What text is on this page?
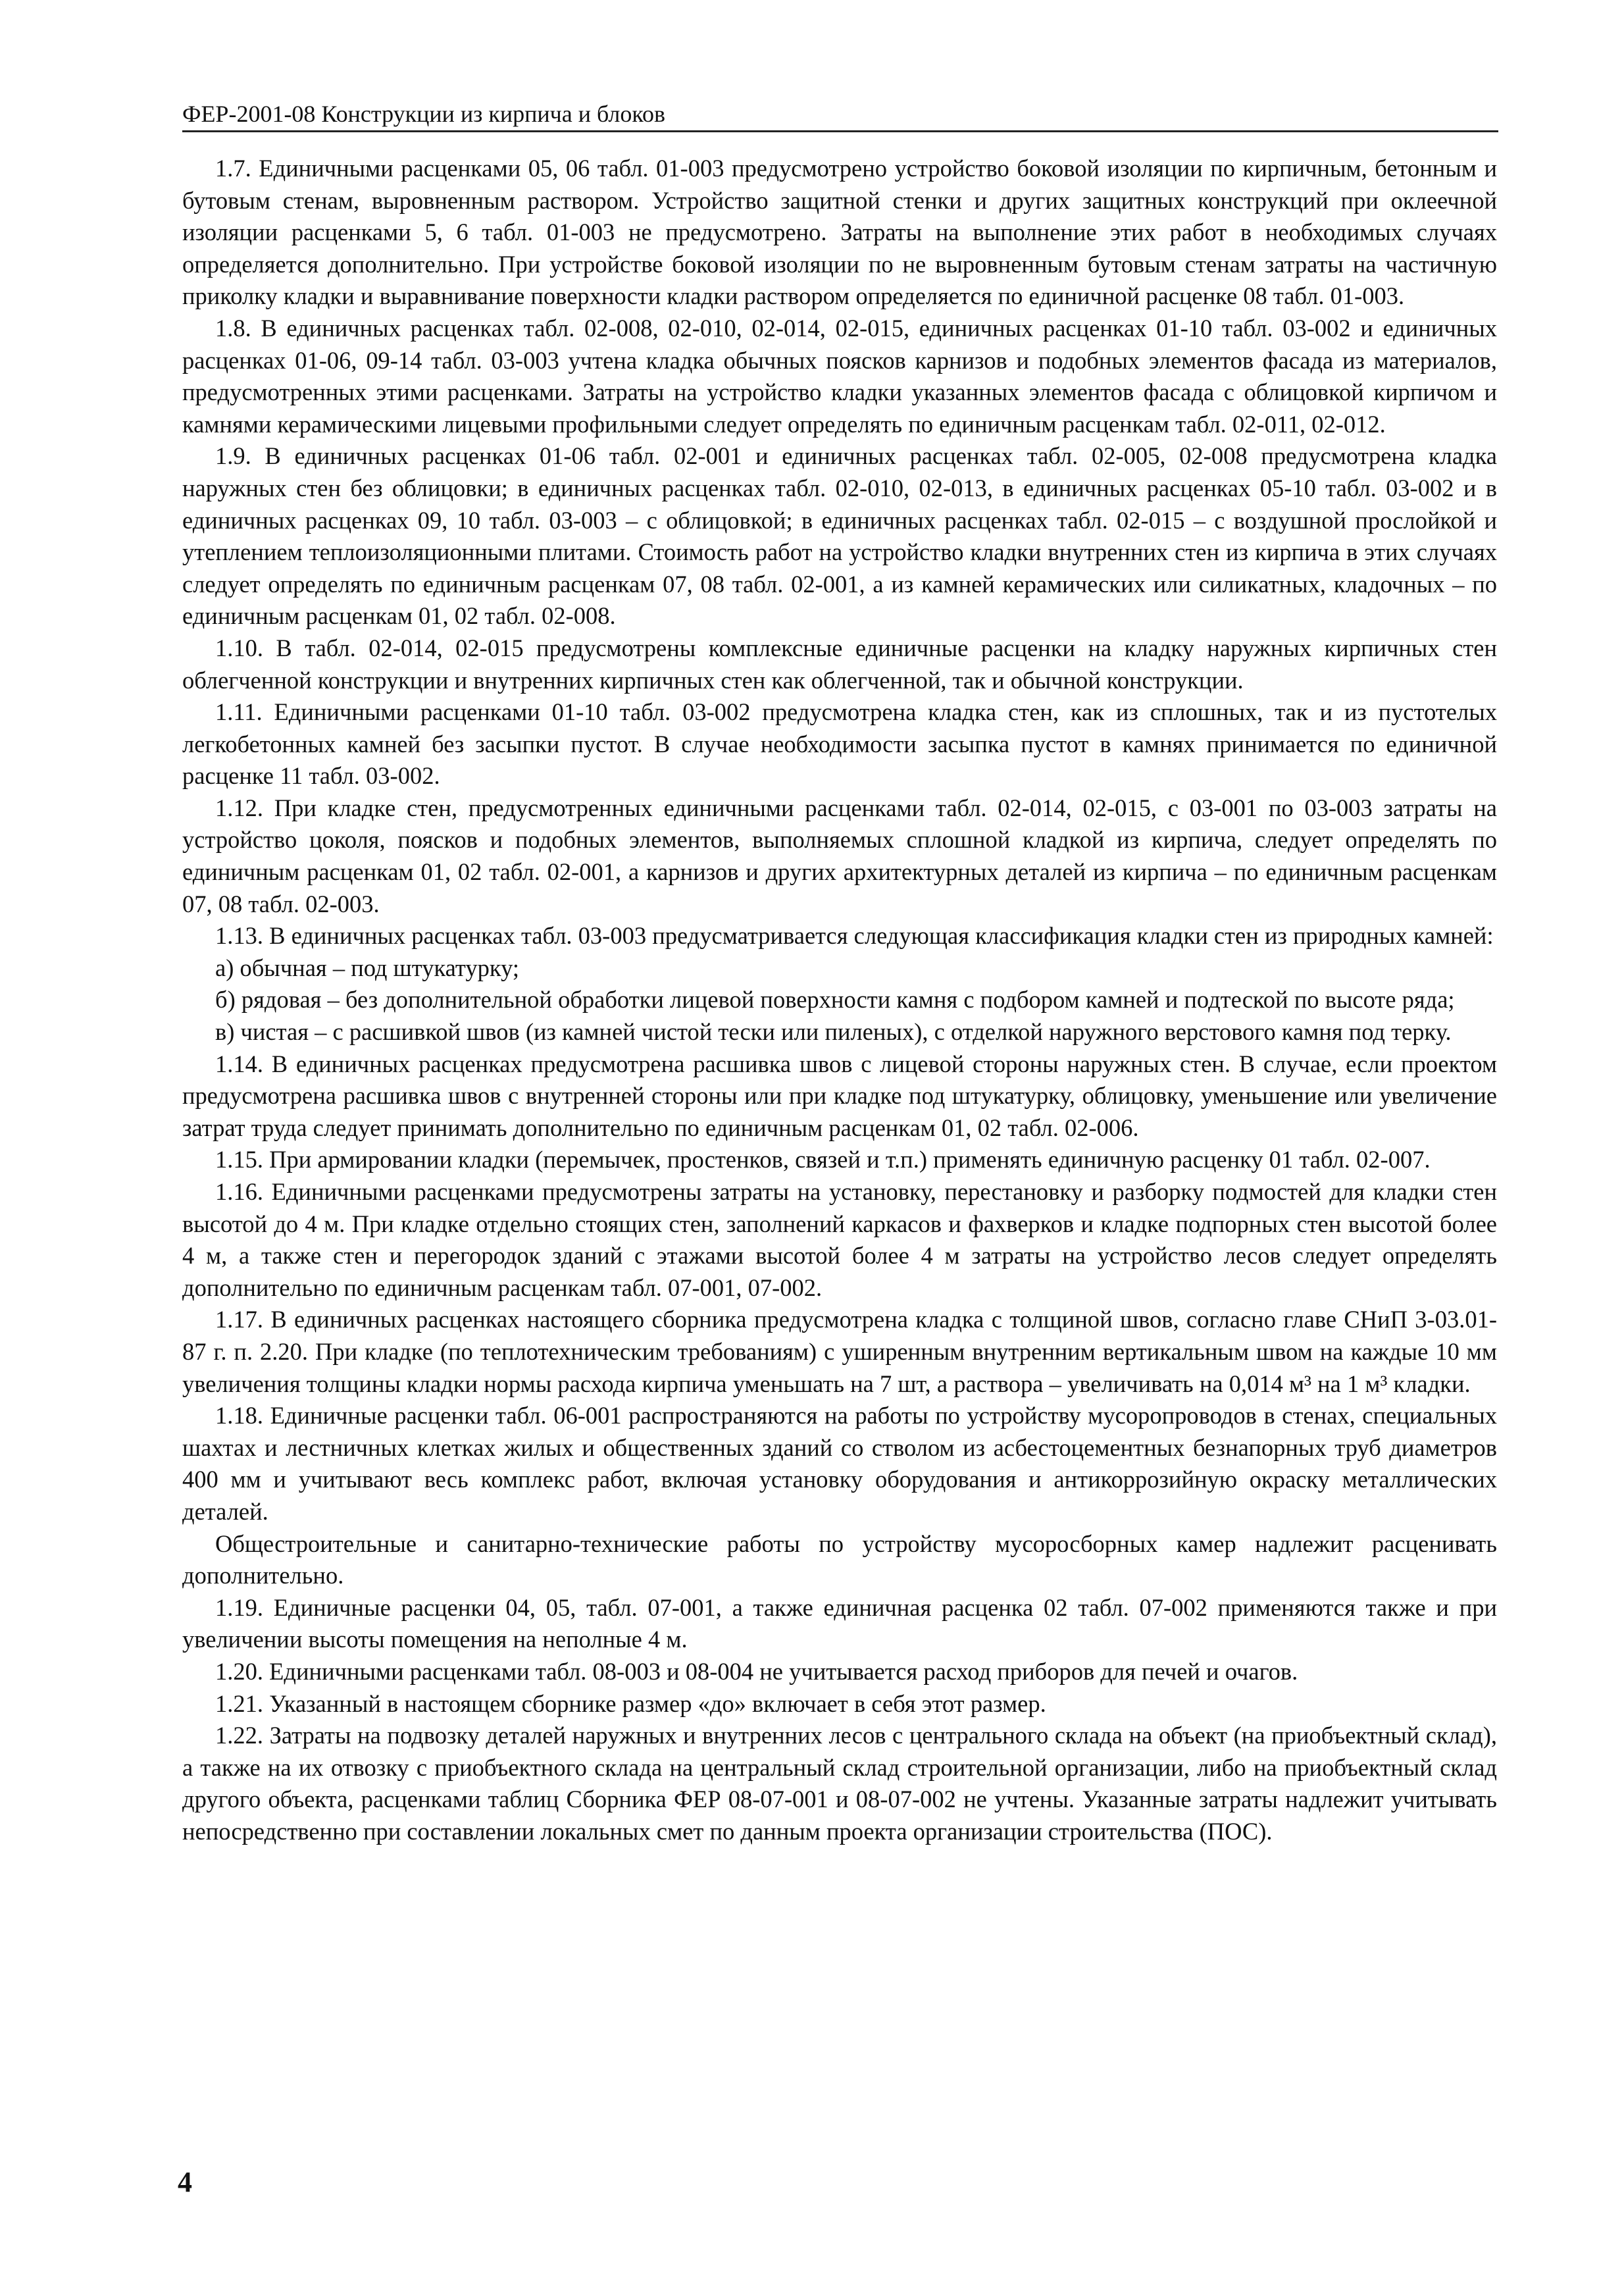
ФЕР-2001-08 Конструкции из кирпича и блоков

1.7. Единичными расценками 05, 06 табл. 01-003 предусмотрено устройство боковой изоляции по кирпичным, бетонным и бутовым стенам, выровненным раствором. Устройство защитной стенки и других защитных конструкций при оклеечной изоляции расценками 5, 6 табл. 01-003 не предусмотрено. Затраты на выполнение этих работ в необходимых случаях определяется дополнительно. При устройстве боковой изоляции по не выровненным бутовым стенам затраты на частичную приколку кладки и выравнивание поверхности кладки раствором определяется по единичной расценке 08 табл. 01-003.

1.8. В единичных расценках табл. 02-008, 02-010, 02-014, 02-015, единичных расценках 01-10 табл. 03-002 и единичных расценках 01-06, 09-14 табл. 03-003 учтена кладка обычных поясков карнизов и подобных элементов фасада из материалов, предусмотренных этими расценками. Затраты на устройство кладки указанных элементов фасада с облицовкой кирпичом и камнями керамическими лицевыми профильными следует определять по единичным расценкам табл. 02-011, 02-012.

1.9. В единичных расценках 01-06 табл. 02-001 и единичных расценках табл. 02-005, 02-008 предусмотрена кладка наружных стен без облицовки; в единичных расценках табл. 02-010, 02-013, в единичных расценках 05-10 табл. 03-002 и в единичных расценках 09, 10 табл. 03-003 – с облицовкой; в единичных расценках табл. 02-015 – с воздушной прослойкой и утеплением теплоизоляционными плитами. Стоимость работ на устройство кладки внутренних стен из кирпича в этих случаях следует определять по единичным расценкам 07, 08 табл. 02-001, а из камней керамических или силикатных, кладочных – по единичным расценкам 01, 02 табл. 02-008.

1.10. В табл. 02-014, 02-015 предусмотрены комплексные единичные расценки на кладку наружных кирпичных стен облегченной конструкции и внутренних кирпичных стен как облегченной, так и обычной конструкции.

1.11. Единичными расценками 01-10 табл. 03-002 предусмотрена кладка стен, как из сплошных, так и из пустотелых легкобетонных камней без засыпки пустот. В случае необходимости засыпка пустот в камнях принимается по единичной расценке 11 табл. 03-002.

1.12. При кладке стен, предусмотренных единичными расценками табл. 02-014, 02-015, с 03-001 по 03-003 затраты на устройство цоколя, поясков и подобных элементов, выполняемых сплошной кладкой из кирпича, следует определять по единичным расценкам 01, 02 табл. 02-001, а карнизов и других архитектурных деталей из кирпича – по единичным расценкам 07, 08 табл. 02-003.

1.13. В единичных расценках табл. 03-003 предусматривается следующая классификация кладки стен из природных камней:

а) обычная – под штукатурку;

б) рядовая – без дополнительной обработки лицевой поверхности камня с подбором камней и подтеской по высоте ряда;

в) чистая – с расшивкой швов (из камней чистой тески или пиленых), с отделкой наружного верстового камня под терку.

1.14. В единичных расценках предусмотрена расшивка швов с лицевой стороны наружных стен. В случае, если проектом предусмотрена расшивка швов с внутренней стороны или при кладке под штукатурку, облицовку, уменьшение или увеличение затрат труда следует принимать дополнительно по единичным расценкам 01, 02 табл. 02-006.

1.15. При армировании кладки (перемычек, простенков, связей и т.п.) применять единичную расценку 01 табл. 02-007.

1.16. Единичными расценками предусмотрены затраты на установку, перестановку и разборку подмостей для кладки стен высотой до 4 м. При кладке отдельно стоящих стен, заполнений каркасов и фахверков и кладке подпорных стен высотой более 4 м, а также стен и перегородок зданий с этажами высотой более 4 м затраты на устройство лесов следует определять дополнительно по единичным расценкам табл. 07-001, 07-002.

1.17. В единичных расценках настоящего сборника предусмотрена кладка с толщиной швов, согласно главе СНиП 3-03.01-87 г. п. 2.20. При кладке (по теплотехническим требованиям) с уширенным внутренним вертикальным швом на каждые 10 мм увеличения толщины кладки нормы расхода кирпича уменьшать на 7 шт, а раствора – увеличивать на 0,014 м³ на 1 м³ кладки.

1.18. Единичные расценки табл. 06-001 распространяются на работы по устройству мусоропроводов в стенах, специальных шахтах и лестничных клетках жилых и общественных зданий со стволом из асбестоцементных безнапорных труб диаметров 400 мм и учитывают весь комплекс работ, включая установку оборудования и антикоррозийную окраску металлических деталей.

Общестроительные и санитарно-технические работы по устройству мусоросборных камер надлежит расценивать дополнительно.

1.19. Единичные расценки 04, 05, табл. 07-001, а также единичная расценка 02 табл. 07-002 применяются также и при увеличении высоты помещения на неполные 4 м.

1.20. Единичными расценками табл. 08-003 и 08-004 не учитывается расход приборов для печей и очагов.

1.21. Указанный в настоящем сборнике размер «до» включает в себя этот размер.

1.22. Затраты на подвозку деталей наружных и внутренних лесов с центрального склада на объект (на приобъектный склад), а также на их отвозку с приобъектного склада на центральный склад строительной организации, либо на приобъектный склад другого объекта, расценками таблиц Сборника ФЕР 08-07-001 и 08-07-002 не учтены. Указанные затраты надлежит учитывать непосредственно при составлении локальных смет по данным проекта организации строительства (ПОС).

4
